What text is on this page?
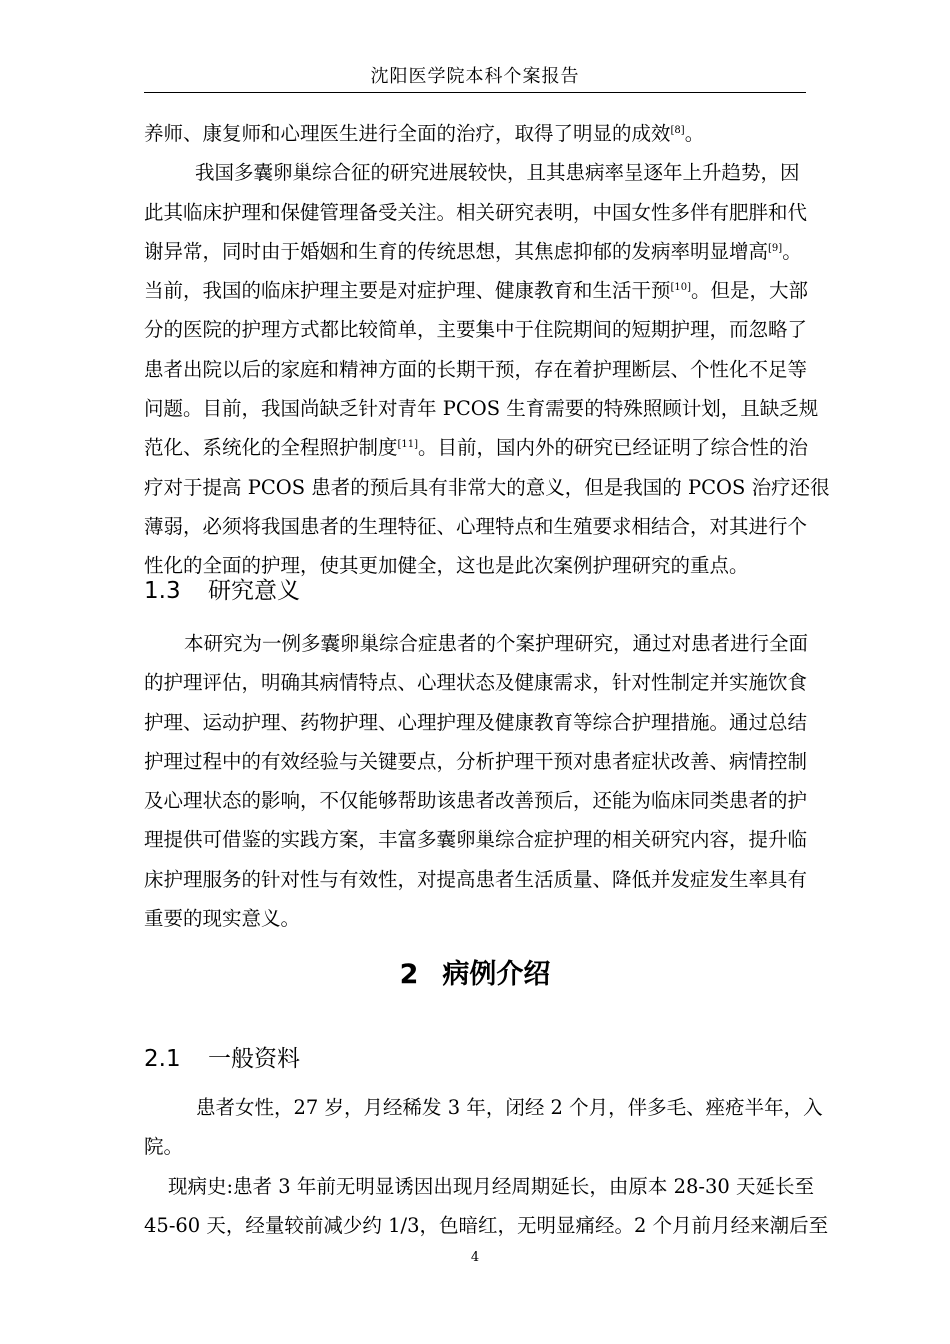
沈阳医学院本科个案报告
养师、康复师和心理医生进行全面的治疗，取得了明显的成效[8]。
我国多囊卵巢综合征的研究进展较快，且其患病率呈逐年上升趋势，因
此其临床护理和保健管理备受关注。相关研究表明，中国女性多伴有肥胖和代
谢异常，同时由于婚姻和生育的传统思想，其焦虑抑郁的发病率明显增高[9]。
当前，我国的临床护理主要是对症护理、健康教育和生活干预[10]。但是，大部
分的医院的护理方式都比较简单，主要集中于住院期间的短期护理，而忽略了
患者出院以后的家庭和精神方面的长期干预，存在着护理断层、个性化不足等
问题。目前，我国尚缺乏针对青年 PCOS 生育需要的特殊照顾计划，且缺乏规
范化、系统化的全程照护制度[11]。目前，国内外的研究已经证明了综合性的治
疗对于提高 PCOS 患者的预后具有非常大的意义，但是我国的 PCOS 治疗还很
薄弱，必须将我国患者的生理特征、心理特点和生殖要求相结合，对其进行个
性化的全面的护理，使其更加健全，这也是此次案例护理研究的重点。
1.3 研究意义
本研究为一例多囊卵巢综合症患者的个案护理研究，通过对患者进行全面
的护理评估，明确其病情特点、心理状态及健康需求，针对性制定并实施饮食
护理、运动护理、药物护理、心理护理及健康教育等综合护理措施。通过总结
护理过程中的有效经验与关键要点，分析护理干预对患者症状改善、病情控制
及心理状态的影响，不仅能够帮助该患者改善预后，还能为临床同类患者的护
理提供可借鉴的实践方案，丰富多囊卵巢综合症护理的相关研究内容，提升临
床护理服务的针对性与有效性，对提高患者生活质量、降低并发症发生率具有
重要的现实意义。
2 病例介绍
2.1 一般资料
患者女性，27 岁，月经稀发 3 年，闭经 2 个月，伴多毛、痤疮半年，入
院。
现病史:患者 3 年前无明显诱因出现月经周期延长，由原本 28-30 天延长至
45-60 天，经量较前减少约 1/3，色暗红，无明显痛经。2 个月前月经来潮后至
4
